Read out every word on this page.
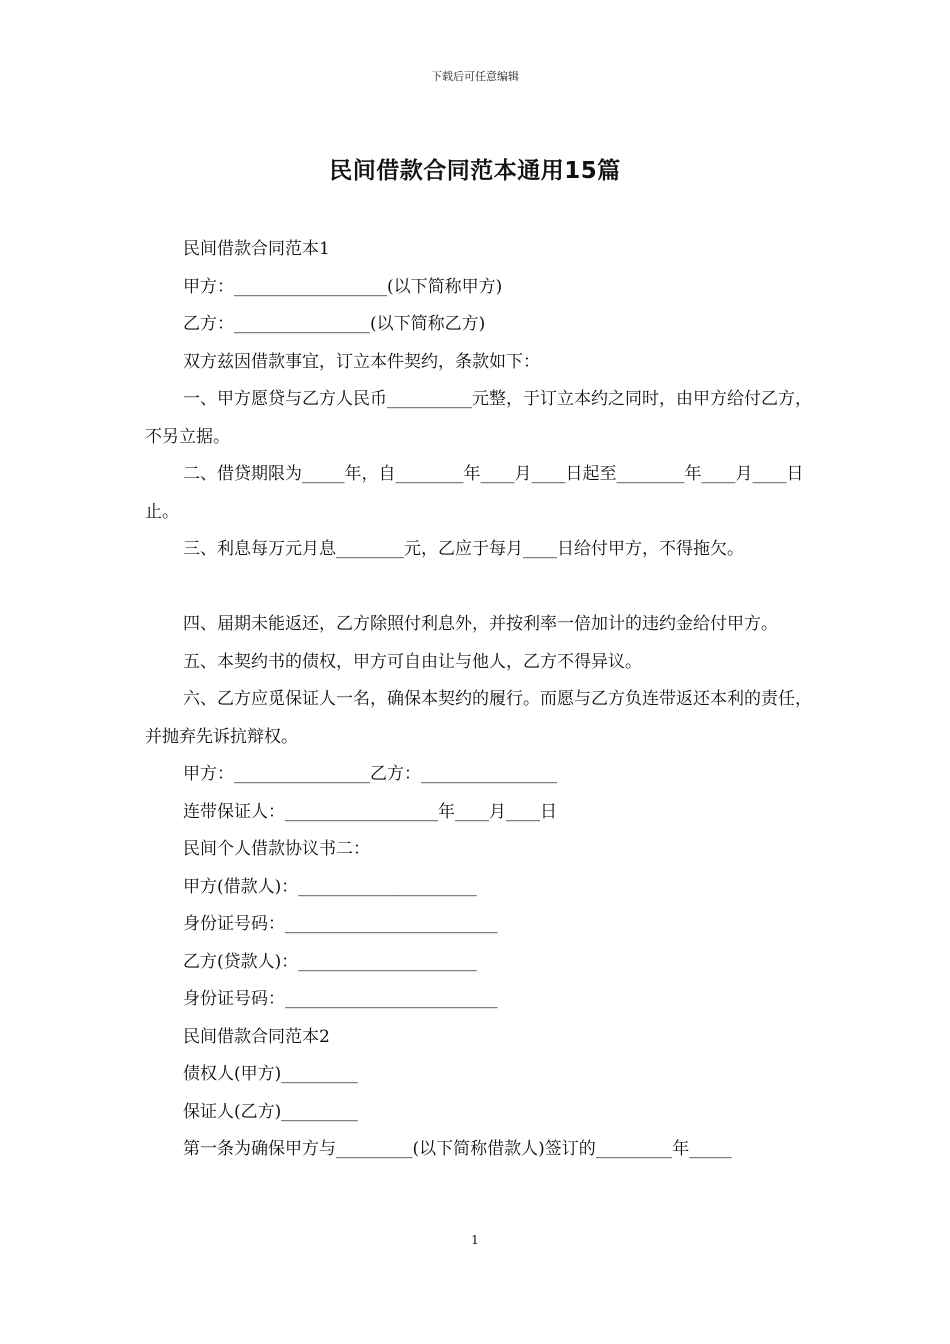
下载后可任意编辑
民间借款合同范本通用15篇

民间借款合同范本1

甲方：__________________(以下简称甲方)

乙方：________________(以下简称乙方)

双方兹因借款事宜，订立本件契约，条款如下：

一、甲方愿贷与乙方人民币__________元整，于订立本约之同时，由甲方给付乙方，不另立据。

二、借贷期限为_____年，自________年____月____日起至________年____月____日止。

三、利息每万元月息________元，乙应于每月____日给付甲方，不得拖欠。

四、届期未能返还，乙方除照付利息外，并按利率一倍加计的违约金给付甲方。

五、本契约书的债权，甲方可自由让与他人，乙方不得异议。

六、乙方应觅保证人一名，确保本契约的履行。而愿与乙方负连带返还本利的责任，并抛弃先诉抗辩权。

甲方：________________乙方：________________

连带保证人：__________________年____月____日

民间个人借款协议书二：

甲方(借款人)：_____________________

身份证号码：_________________________

乙方(贷款人)：_____________________

身份证号码：_________________________

民间借款合同范本2

债权人(甲方)_________

保证人(乙方)_________

第一条为确保甲方与_________(以下简称借款人)签订的_________年_____

1
